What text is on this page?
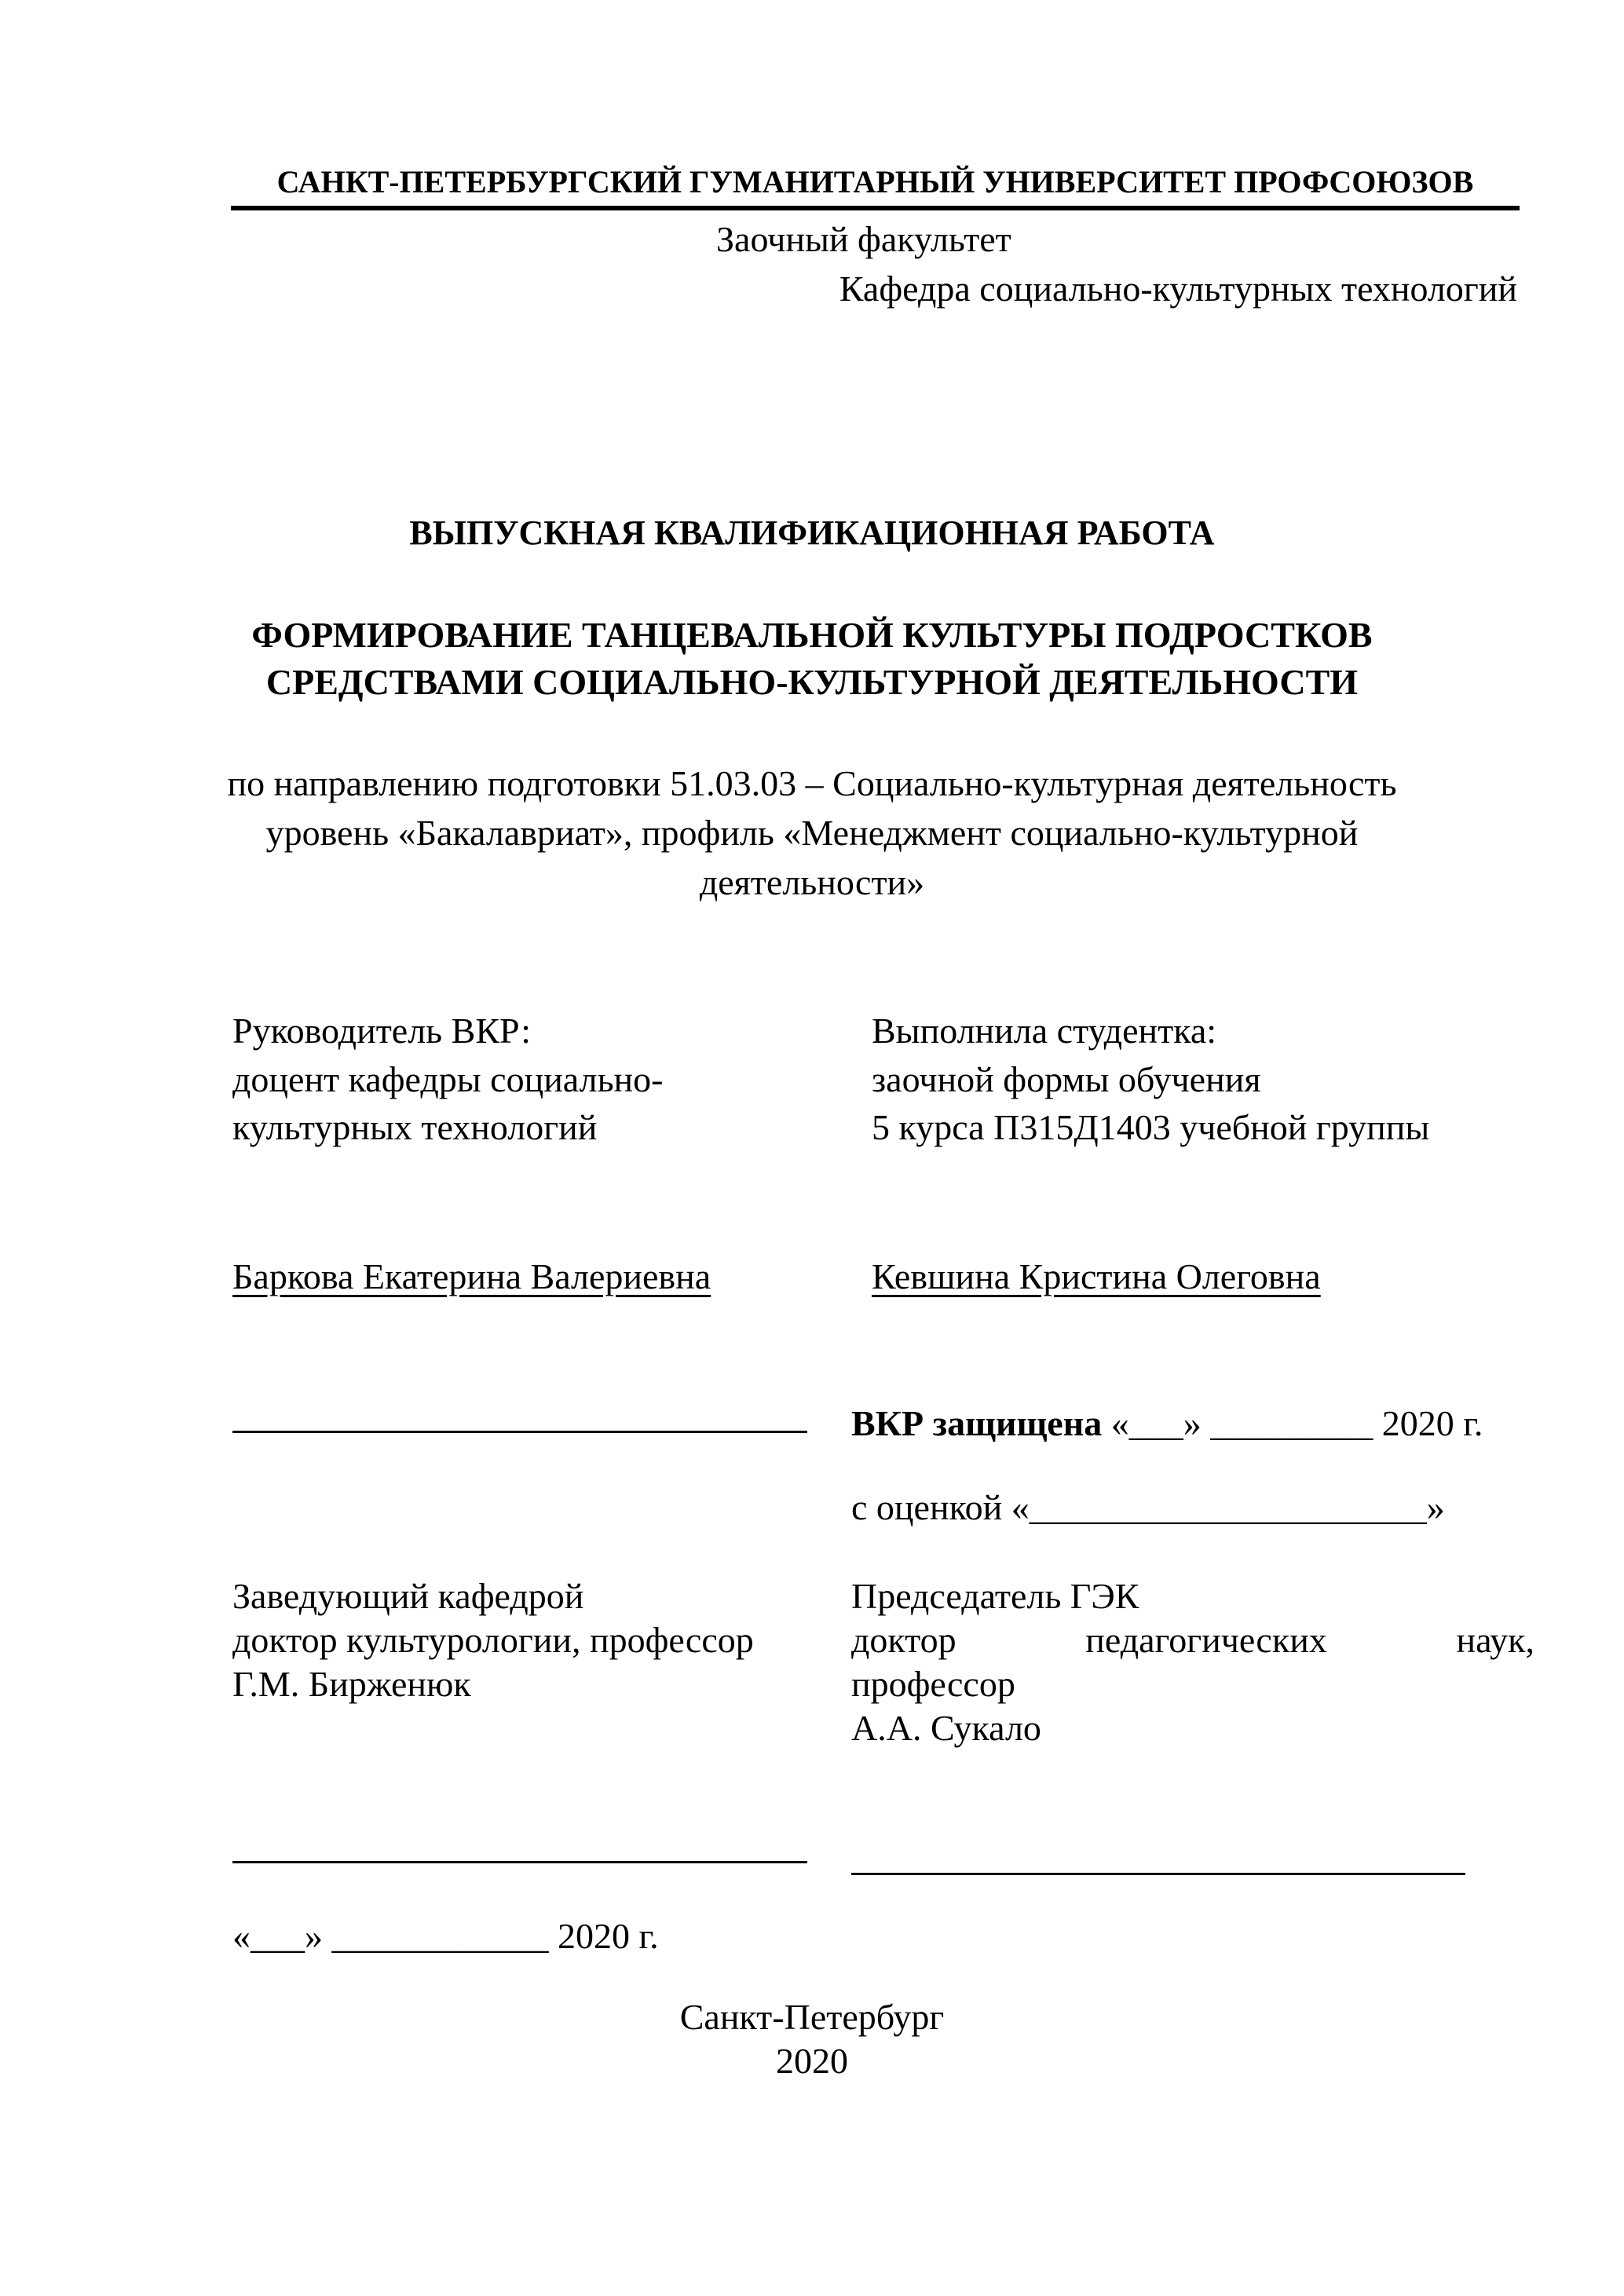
САНКТ-ПЕТЕРБУРГСКИЙ ГУМАНИТАРНЫЙ УНИВЕРСИТЕТ ПРОФСОЮЗОВ
Заочный факультет
Кафедра социально-культурных технологий
ВЫПУСКНАЯ КВАЛИФИКАЦИОННАЯ РАБОТА
ФОРМИРОВАНИЕ ТАНЦЕВАЛЬНОЙ КУЛЬТУРЫ ПОДРОСТКОВ
СРЕДСТВАМИ СОЦИАЛЬНО-КУЛЬТУРНОЙ ДЕЯТЕЛЬНОСТИ
по направлению подготовки 51.03.03 – Социально-культурная деятельность
уровень «Бакалавриат», профиль «Менеджмент социально-культурной
деятельности»
Руководитель ВКР:
доцент кафедры социально-
культурных технологий
Баркова Екатерина Валериевна
Выполнила студентка:
заочной формы обучения
5 курса П315Д1403 учебной группы
Кевшина Кристина Олеговна
ВКР защищена «___» _________ 2020 г.
с оценкой «______________________»
Заведующий кафедрой
доктор культурологии, профессор
Г.М. Бирженюк
Председатель ГЭК
доктор	педагогических	наук,
профессор
А.А. Сукало
«___» ____________ 2020 г.
Санкт-Петербург
2020
